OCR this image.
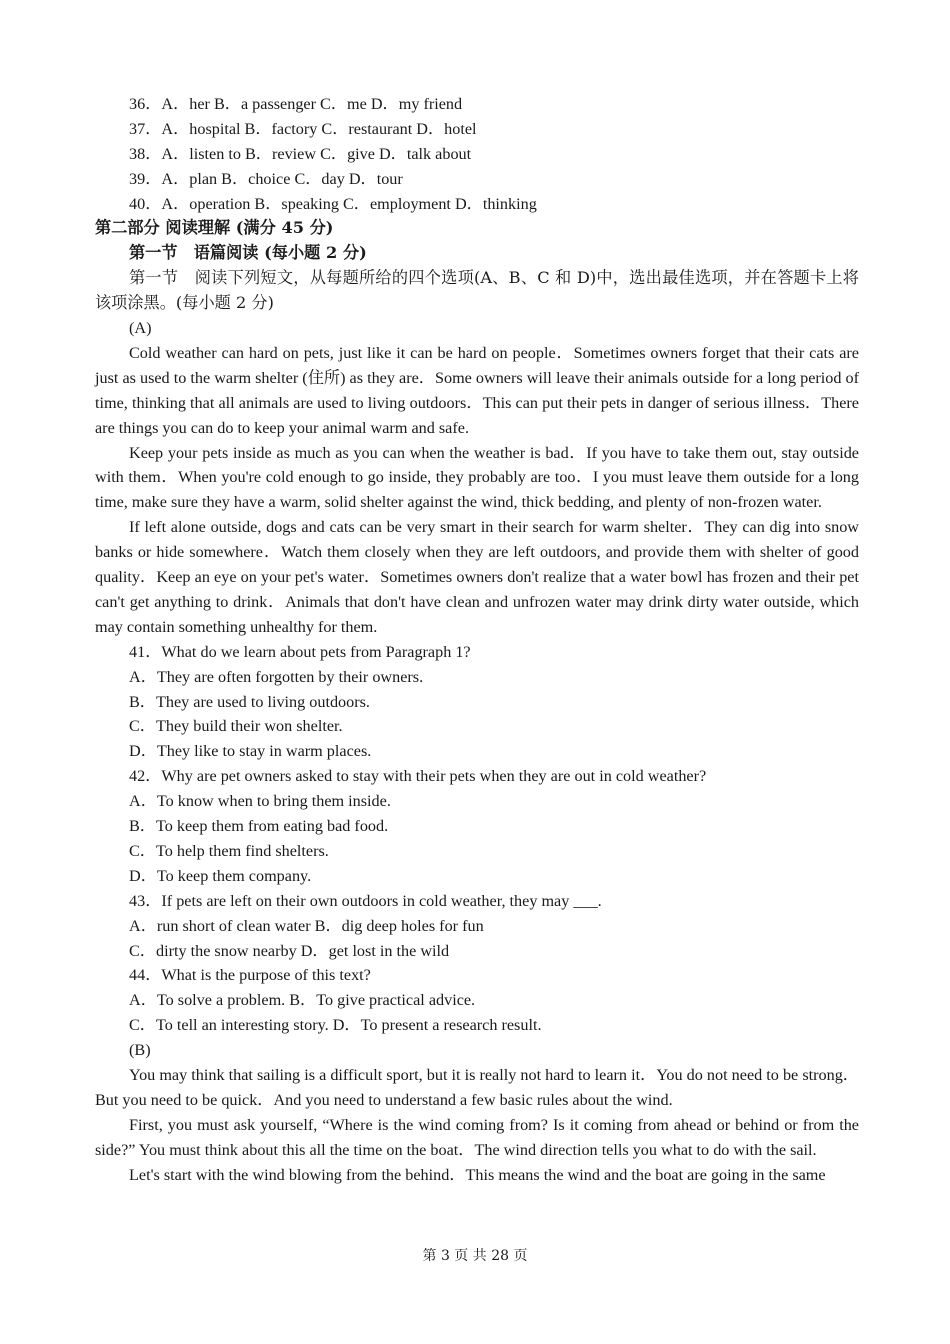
36．A．her B．a passenger C．me D．my friend
37．A．hospital B．factory C．restaurant D．hotel
38．A．listen to B．review C．give D．talk about
39．A．plan B．choice C．day D．tour
40．A．operation B．speaking C．employment D．thinking
第二部分 阅读理解 (满分 45 分)
第一节　语篇阅读 (每小题 2 分)

第一节　阅读下列短文，从每题所给的四个选项(A、B、C 和 D)中，选出最佳选项，并在答题卡上将该项涂黑。(每小题 2 分)

(A)

Cold weather can hard on pets, just like it can be hard on people．Sometimes owners forget that their cats are just as used to the warm shelter (住所) as they are．Some owners will leave their animals outside for a long period of time, thinking that all animals are used to living outdoors．This can put their pets in danger of serious illness．There are things you can do to keep your animal warm and safe.

Keep your pets inside as much as you can when the weather is bad．If you have to take them out, stay outside with them．When you're cold enough to go inside, they probably are too．I you must leave them outside for a long time, make sure they have a warm, solid shelter against the wind, thick bedding, and plenty of non-frozen water.

If left alone outside, dogs and cats can be very smart in their search for warm shelter．They can dig into snow banks or hide somewhere．Watch them closely when they are left outdoors, and provide them with shelter of good quality．Keep an eye on your pet's water．Sometimes owners don't realize that a water bowl has frozen and their pet can't get anything to drink．Animals that don't have clean and unfrozen water may drink dirty water outside, which may contain something unhealthy for them.

41．What do we learn about pets from Paragraph 1?
A．They are often forgotten by their owners.
B．They are used to living outdoors.
C．They build their won shelter.
D．They like to stay in warm places.
42．Why are pet owners asked to stay with their pets when they are out in cold weather?
A．To know when to bring them inside.
B．To keep them from eating bad food.
C．To help them find shelters.
D．To keep them company.
43．If pets are left on their own outdoors in cold weather, they may ___.
A．run short of clean water B．dig deep holes for fun
C．dirty the snow nearby D．get lost in the wild
44．What is the purpose of this text?
A．To solve a problem. B．To give practical advice.
C．To tell an interesting story. D．To present a research result.
(B)

You may think that sailing is a difficult sport, but it is really not hard to learn it．You do not need to be strong．But you need to be quick．And you need to understand a few basic rules about the wind.

First, you must ask yourself, “Where is the wind coming from? Is it coming from ahead or behind or from the side?” You must think about this all the time on the boat．The wind direction tells you what to do with the sail.

Let's start with the wind blowing from the behind．This means the wind and the boat are going in the same

第 3 页 共 28 页
